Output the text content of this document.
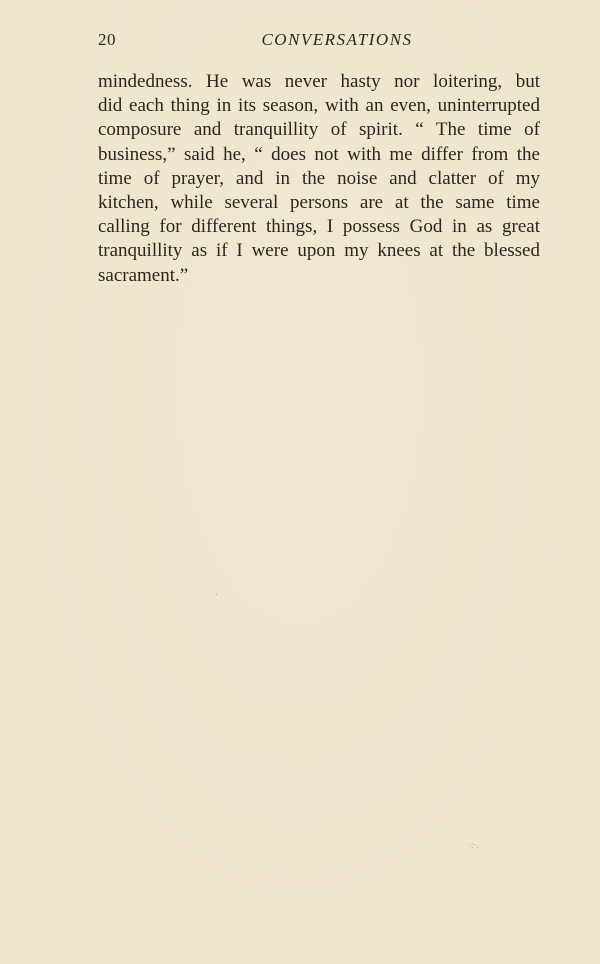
20	CONVERSATIONS
mindedness. He was never hasty nor loitering, but
did each thing in its season, with an even, uninterrupted
composure and tranquillity of spirit. “ The time of
business,” said he, “ does not with me differ from the
time of prayer, and in the noise and clatter of my
kitchen, while several persons are at the same time
calling for different things, I possess God in as great
tranquillity as if I were upon my knees at the blessed
sacrament.”
'
·:·.
